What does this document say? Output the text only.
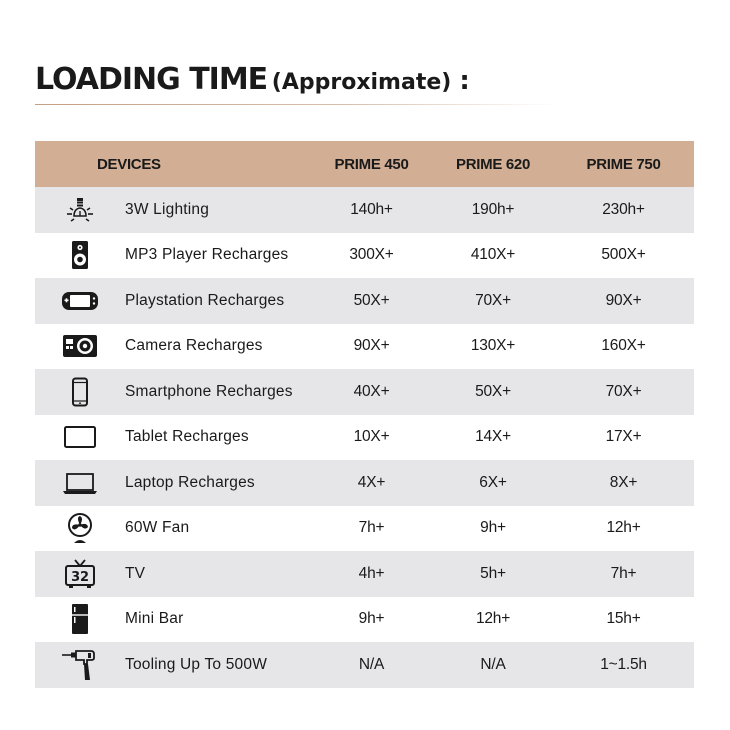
LOADING TIME (Approximate) :
DEVICES		PRIME 450	PRIME 620	PRIME 750

	3W Lighting	140h+	190h+	230h+

	MP3 Player Recharges	300X+	410X+	500X+

	Playstation Recharges	50X+	70X+	90X+

	Camera Recharges	90X+	130X+	160X+

	Smartphone Recharges	40X+	50X+	70X+

	Tablet Recharges	10X+	14X+	17X+

	Laptop Recharges	4X+	6X+	8X+

	60W Fan	7h+	9h+	12h+

32	TV	4h+	5h+	7h+

	Mini Bar	9h+	12h+	15h+

	Tooling Up To 500W	N/A	N/A	1~1.5h
